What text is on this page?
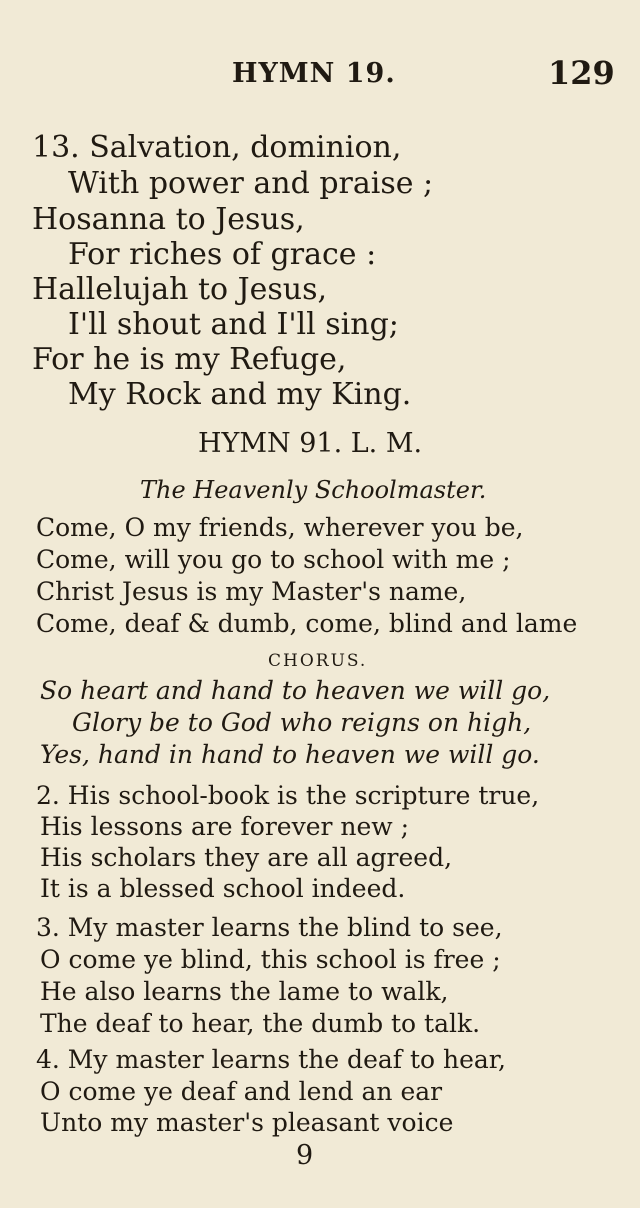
HYMN 19.	129
13. Salvation, dominion,
With power and praise ;
Hosanna to Jesus,
For riches of grace :
Hallelujah to Jesus,
I'll shout and I'll sing;
For he is my Refuge,
My Rock and my King.
HYMN 91. L. M.
The Heavenly Schoolmaster.
Come, O my friends, wherever you be,
Come, will you go to school with me ;
Christ Jesus is my Master's name,
Come, deaf & dumb, come, blind and lame
CHORUS.
So heart and hand to heaven we will go,
Glory be to God who reigns on high,
Yes, hand in hand to heaven we will go.
2. His school-book is the scripture true,
His lessons are forever new ;
His scholars they are all agreed,
It is a blessed school indeed.
3. My master learns the blind to see,
O come ye blind, this school is free ;
He also learns the lame to walk,
The deaf to hear, the dumb to talk.
4. My master learns the deaf to hear,
O come ye deaf and lend an ear
Unto my master's pleasant voice
9
